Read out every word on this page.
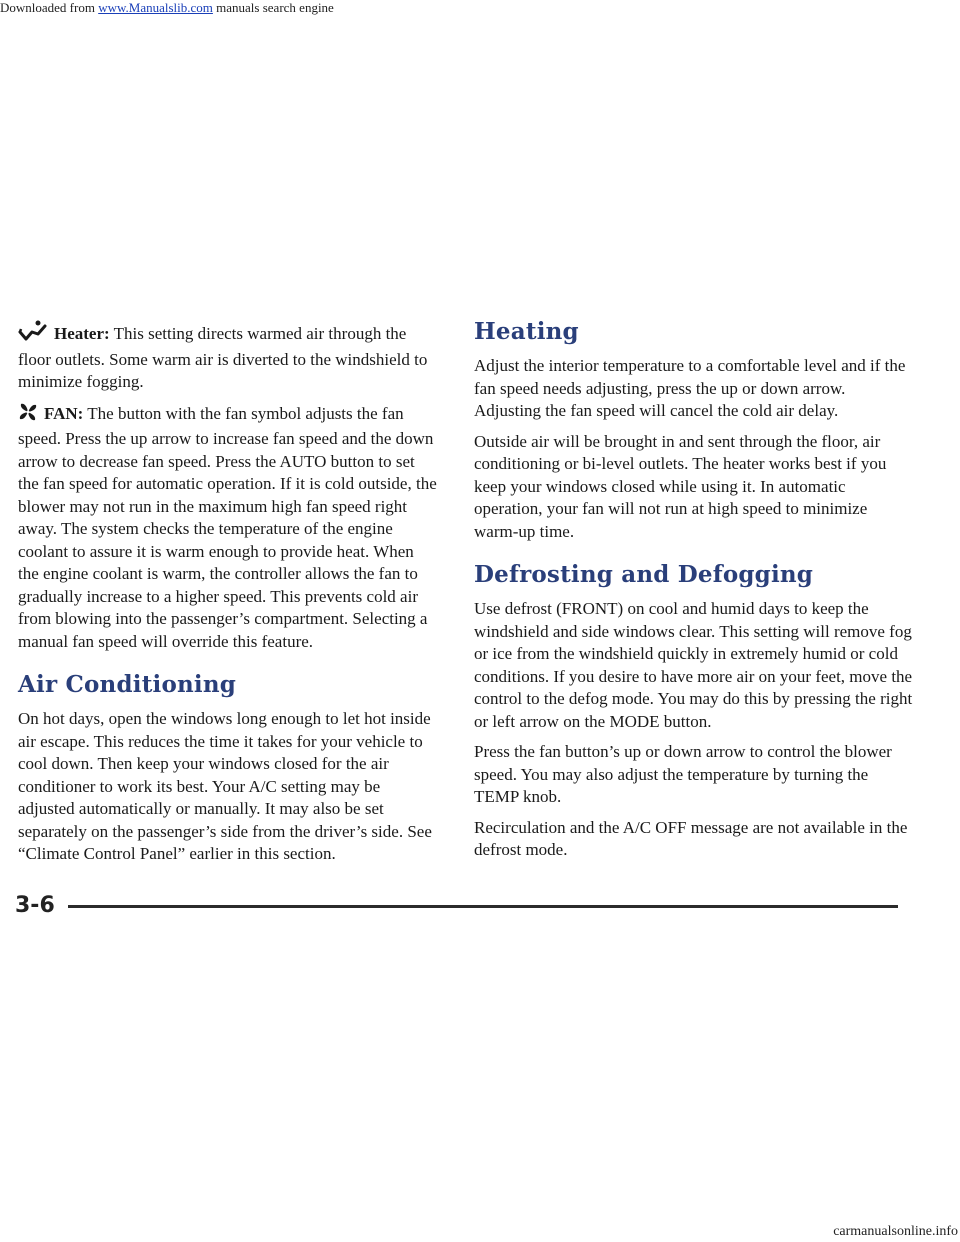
Downloaded from www.Manualslib.com manuals search engine

Heater: This setting directs warmed air through the floor outlets. Some warm air is diverted to the windshield to minimize fogging.

FAN: The button with the fan symbol adjusts the fan speed. Press the up arrow to increase fan speed and the down arrow to decrease fan speed. Press the AUTO button to set the fan speed for automatic operation. If it is cold outside, the blower may not run in the maximum high fan speed right away. The system checks the temperature of the engine coolant to assure it is warm enough to provide heat. When the engine coolant is warm, the controller allows the fan to gradually increase to a higher speed. This prevents cold air from blowing into the passenger’s compartment. Selecting a manual fan speed will override this feature.

Air Conditioning

On hot days, open the windows long enough to let hot inside air escape. This reduces the time it takes for your vehicle to cool down. Then keep your windows closed for the air conditioner to work its best. Your A/C setting may be adjusted automatically or manually. It may also be set separately on the passenger’s side from the driver’s side. See “Climate Control Panel” earlier in this section.

Heating

Adjust the interior temperature to a comfortable level and if the fan speed needs adjusting, press the up or down arrow. Adjusting the fan speed will cancel the cold air delay.

Outside air will be brought in and sent through the floor, air conditioning or bi-level outlets. The heater works best if you keep your windows closed while using it. In automatic operation, your fan will not run at high speed to minimize warm-up time.

Defrosting and Defogging

Use defrost (FRONT) on cool and humid days to keep the windshield and side windows clear. This setting will remove fog or ice from the windshield quickly in extremely humid or cold conditions. If you desire to have more air on your feet, move the control to the defog mode. You may do this by pressing the right or left arrow on the MODE button.

Press the fan button’s up or down arrow to control the blower speed. You may also adjust the temperature by turning the TEMP knob.

Recirculation and the A/C OFF message are not available in the defrost mode.

3-6
carmanualsonline.info
